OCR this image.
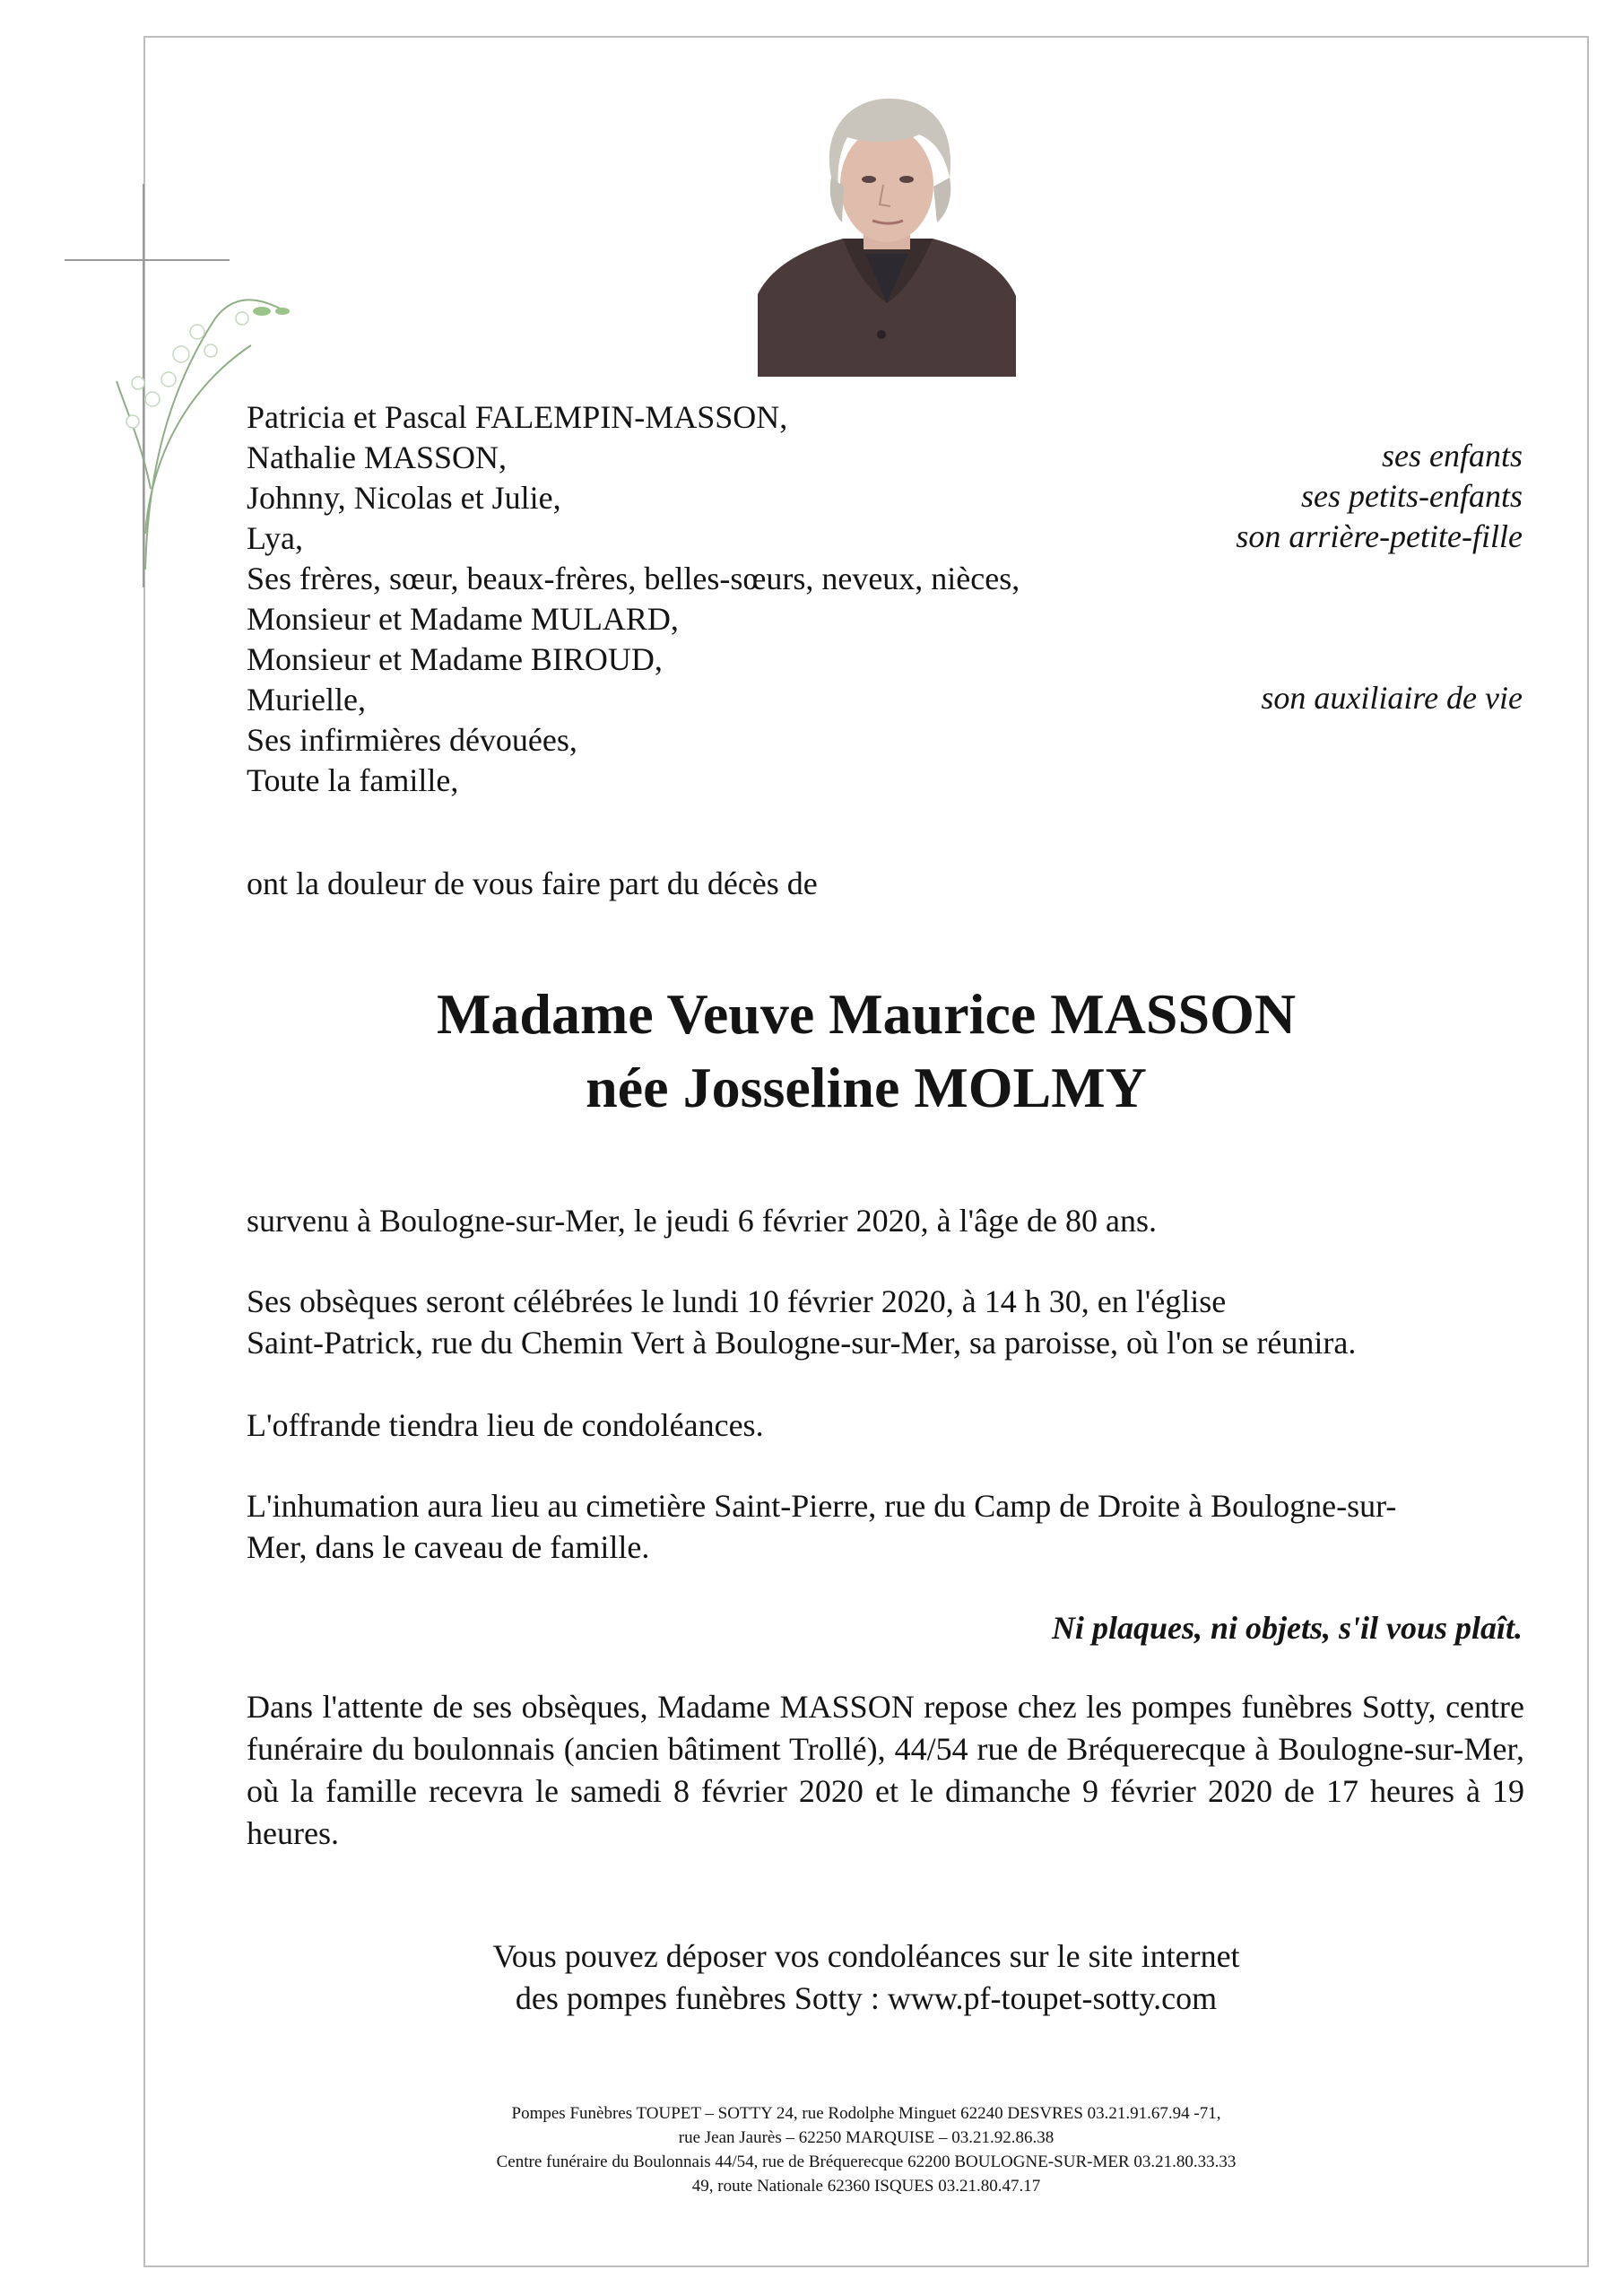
Patricia et Pascal FALEMPIN-MASSON,
Nathalie MASSON,
Johnny, Nicolas et Julie,
Lya,
Ses frères, sœur, beaux-frères, belles-sœurs, neveux, nièces,
Monsieur et Madame MULARD,
Monsieur et Madame BIROUD,
Murielle,
Ses infirmières dévouées,
Toute la famille,
ses enfants
ses petits-enfants
son arrière-petite-fille
son auxiliaire de vie
ont la douleur de vous faire part du décès de
Madame Veuve Maurice MASSON
née Josseline MOLMY
survenu à Boulogne-sur-Mer, le jeudi 6 février 2020, à l'âge de 80 ans.
Ses obsèques seront célébrées le lundi 10 février 2020, à 14 h 30, en l'église
Saint-Patrick, rue du Chemin Vert à Boulogne-sur-Mer, sa paroisse, où l'on se réunira.
L'offrande tiendra lieu de condoléances.
L'inhumation aura lieu au cimetière Saint-Pierre, rue du Camp de Droite à Boulogne-sur-
Mer, dans le caveau de famille.
Ni plaques, ni objets, s'il vous plaît.
Dans l'attente de ses obsèques, Madame MASSON repose chez les pompes funèbres Sotty, centre funéraire du boulonnais (ancien bâtiment Trollé), 44/54 rue de Bréquerecque à Boulogne-sur-Mer, où la famille recevra le samedi 8 février 2020 et le dimanche 9 février 2020 de 17 heures à 19 heures.
Vous pouvez déposer vos condoléances sur le site internet
des pompes funèbres Sotty : www.pf-toupet-sotty.com
Pompes Funèbres TOUPET – SOTTY 24, rue Rodolphe Minguet 62240 DESVRES 03.21.91.67.94 -71,
rue Jean Jaurès – 62250 MARQUISE – 03.21.92.86.38
Centre funéraire du Boulonnais 44/54, rue de Bréquerecque 62200 BOULOGNE-SUR-MER 03.21.80.33.33
49, route Nationale 62360 ISQUES 03.21.80.47.17
